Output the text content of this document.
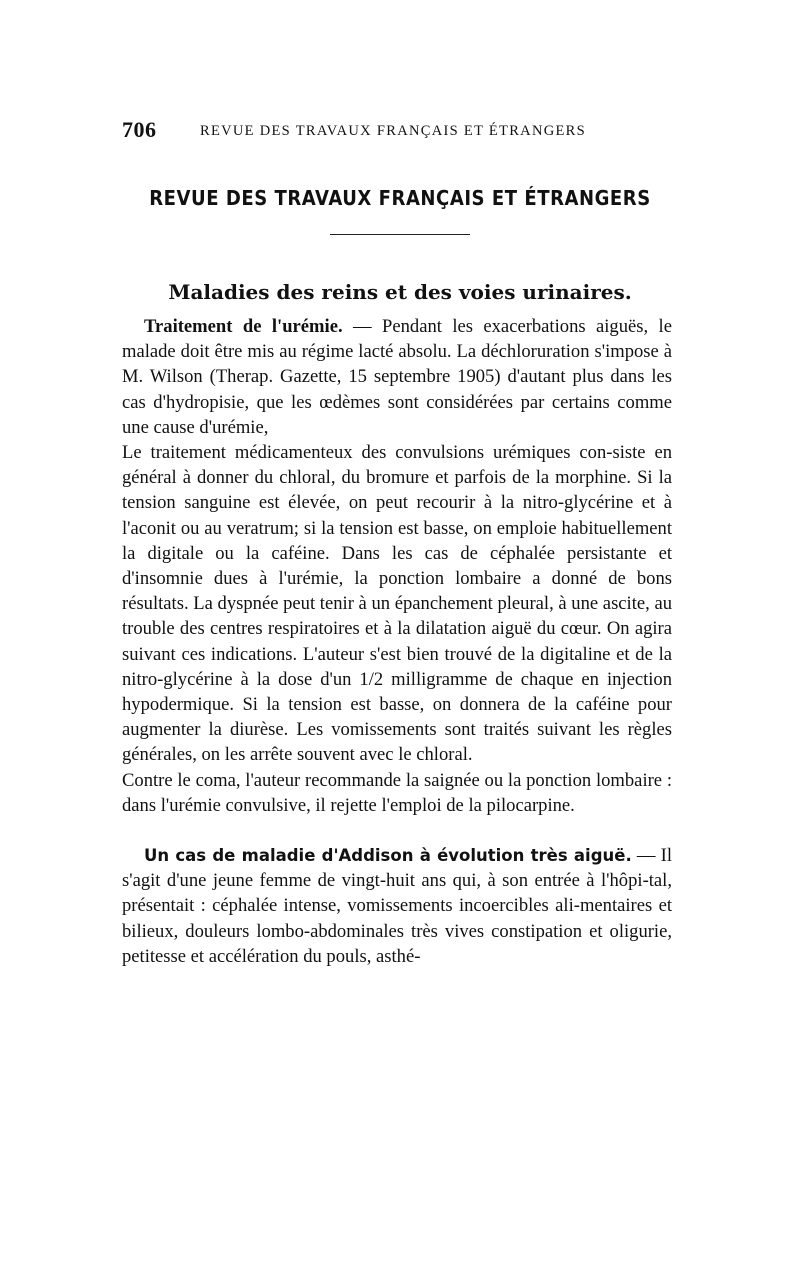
706	REVUE DES TRAVAUX FRANÇAIS ET ÉTRANGERS
REVUE DES TRAVAUX FRANÇAIS ET ÉTRANGERS
Maladies des reins et des voies urinaires.

Traitement de l'urémie. — Pendant les exacerbations aiguës, le malade doit être mis au régime lacté absolu. La déchloruration s'impose à M. Wilson (Therap. Gazette, 15 septembre 1905) d'autant plus dans les cas d'hydropisie, que les œdèmes sont considérées par certains comme une cause d'urémie,

Le traitement médicamenteux des convulsions urémiques con-siste en général à donner du chloral, du bromure et parfois de la morphine. Si la tension sanguine est élevée, on peut recourir à la nitro-glycérine et à l'aconit ou au veratrum; si la tension est basse, on emploie habituellement la digitale ou la caféine. Dans les cas de céphalée persistante et d'insomnie dues à l'urémie, la ponction lombaire a donné de bons résultats. La dyspnée peut tenir à un épanchement pleural, à une ascite, au trouble des centres respiratoires et à la dilatation aiguë du cœur. On agira suivant ces indications. L'auteur s'est bien trouvé de la digitaline et de la nitro-glycérine à la dose d'un 1/2 milligramme de chaque en injection hypodermique. Si la tension est basse, on donnera de la caféine pour augmenter la diurèse. Les vomissements sont traités suivant les règles générales, on les arrête souvent avec le chloral.

Contre le coma, l'auteur recommande la saignée ou la ponction lombaire : dans l'urémie convulsive, il rejette l'emploi de la pilocarpine.

Un cas de maladie d'Addison à évolution très aiguë. — Il s'agit d'une jeune femme de vingt-huit ans qui, à son entrée à l'hôpi-tal, présentait : céphalée intense, vomissements incoercibles ali-mentaires et bilieux, douleurs lombo-abdominales très vives constipation et oligurie, petitesse et accélération du pouls, asthé-
